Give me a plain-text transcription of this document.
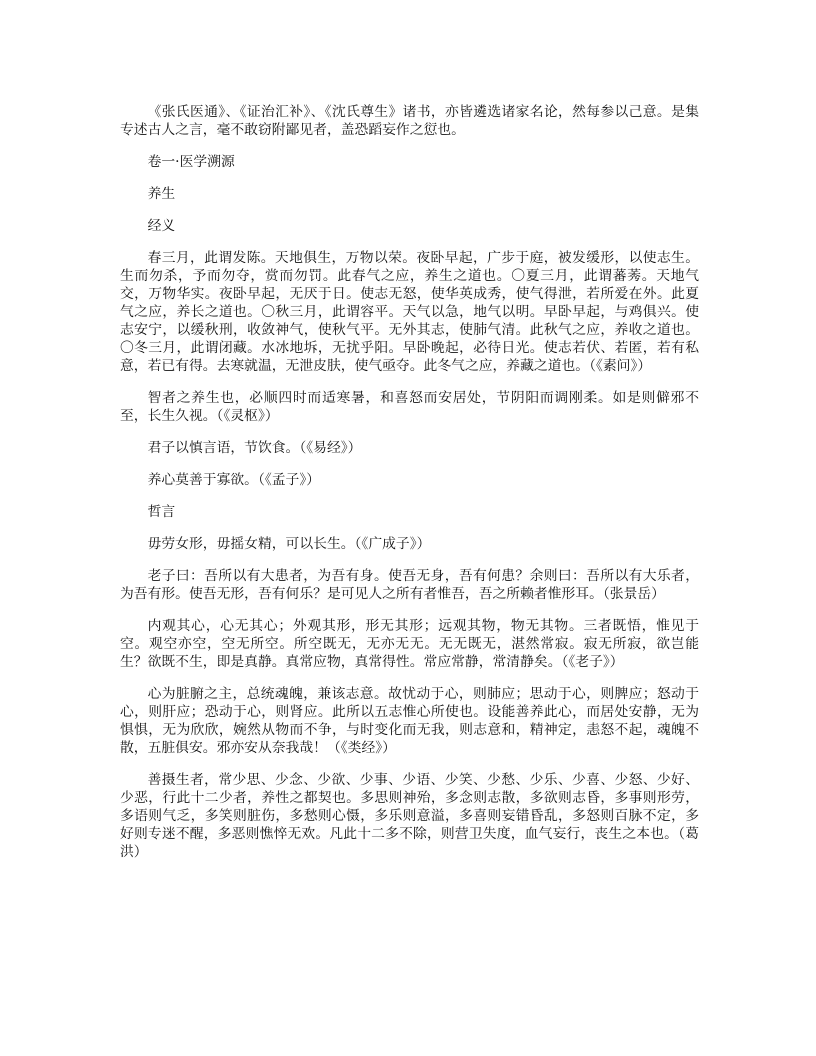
《张氏医通》、《证治汇补》、《沈氏尊生》诸书，亦皆遴选诸家名论，然每参以己意。是集专述古人之言，毫不敢窃附鄙见者，盖恐蹈妄作之愆也。

卷一·医学溯源

养生

经义

春三月，此谓发陈。天地俱生，万物以荣。夜卧早起，广步于庭，被发缓形，以使志生。生而勿杀，予而勿夺，赏而勿罚。此春气之应，养生之道也。〇夏三月，此谓蕃莠。天地气交，万物华实。夜卧早起，无厌于日。使志无怒，使华英成秀，使气得泄，若所爱在外。此夏气之应，养长之道也。〇秋三月，此谓容平。天气以急，地气以明。早卧早起，与鸡俱兴。使志安宁，以缓秋刑，收敛神气，使秋气平。无外其志，使肺气清。此秋气之应，养收之道也。〇冬三月，此谓闭藏。水冰地坼，无扰乎阳。早卧晚起，必待日光。使志若伏、若匿，若有私意，若已有得。去寒就温，无泄皮肤，使气亟夺。此冬气之应，养藏之道也。（《素问》）

智者之养生也，必顺四时而适寒暑，和喜怒而安居处，节阴阳而调刚柔。如是则僻邪不至，长生久视。（《灵枢》）

君子以慎言语，节饮食。（《易经》）

养心莫善于寡欲。（《孟子》）

哲言

毋劳女形，毋摇女精，可以长生。（《广成子》）

老子曰：吾所以有大患者，为吾有身。使吾无身，吾有何患？余则曰：吾所以有大乐者，为吾有形。使吾无形，吾有何乐？是可见人之所有者惟吾，吾之所赖者惟形耳。（张景岳）

内观其心，心无其心；外观其形，形无其形；远观其物，物无其物。三者既悟，惟见于空。观空亦空，空无所空。所空既无，无亦无无。无无既无，湛然常寂。寂无所寂，欲岂能生？欲既不生，即是真静。真常应物，真常得性。常应常静，常清静矣。（《老子》）

心为脏腑之主，总统魂魄，兼该志意。故忧动于心，则肺应；思动于心，则脾应；怒动于心，则肝应；恐动于心，则肾应。此所以五志惟心所使也。设能善养此心，而居处安静，无为惧惧，无为欣欣，婉然从物而不争，与时变化而无我，则志意和，精神定，恚怒不起，魂魄不散，五脏俱安。邪亦安从奈我哉！（《类经》）

善摄生者，常少思、少念、少欲、少事、少语、少笑、少愁、少乐、少喜、少怒、少好、少恶，行此十二少者，养性之都契也。多思则神殆，多念则志散，多欲则志昏，多事则形劳，多语则气乏，多笑则脏伤，多愁则心慑，多乐则意溢，多喜则妄错昏乱，多怒则百脉不定，多好则专迷不醒，多恶则憔悴无欢。凡此十二多不除，则营卫失度，血气妄行，丧生之本也。（葛洪）
